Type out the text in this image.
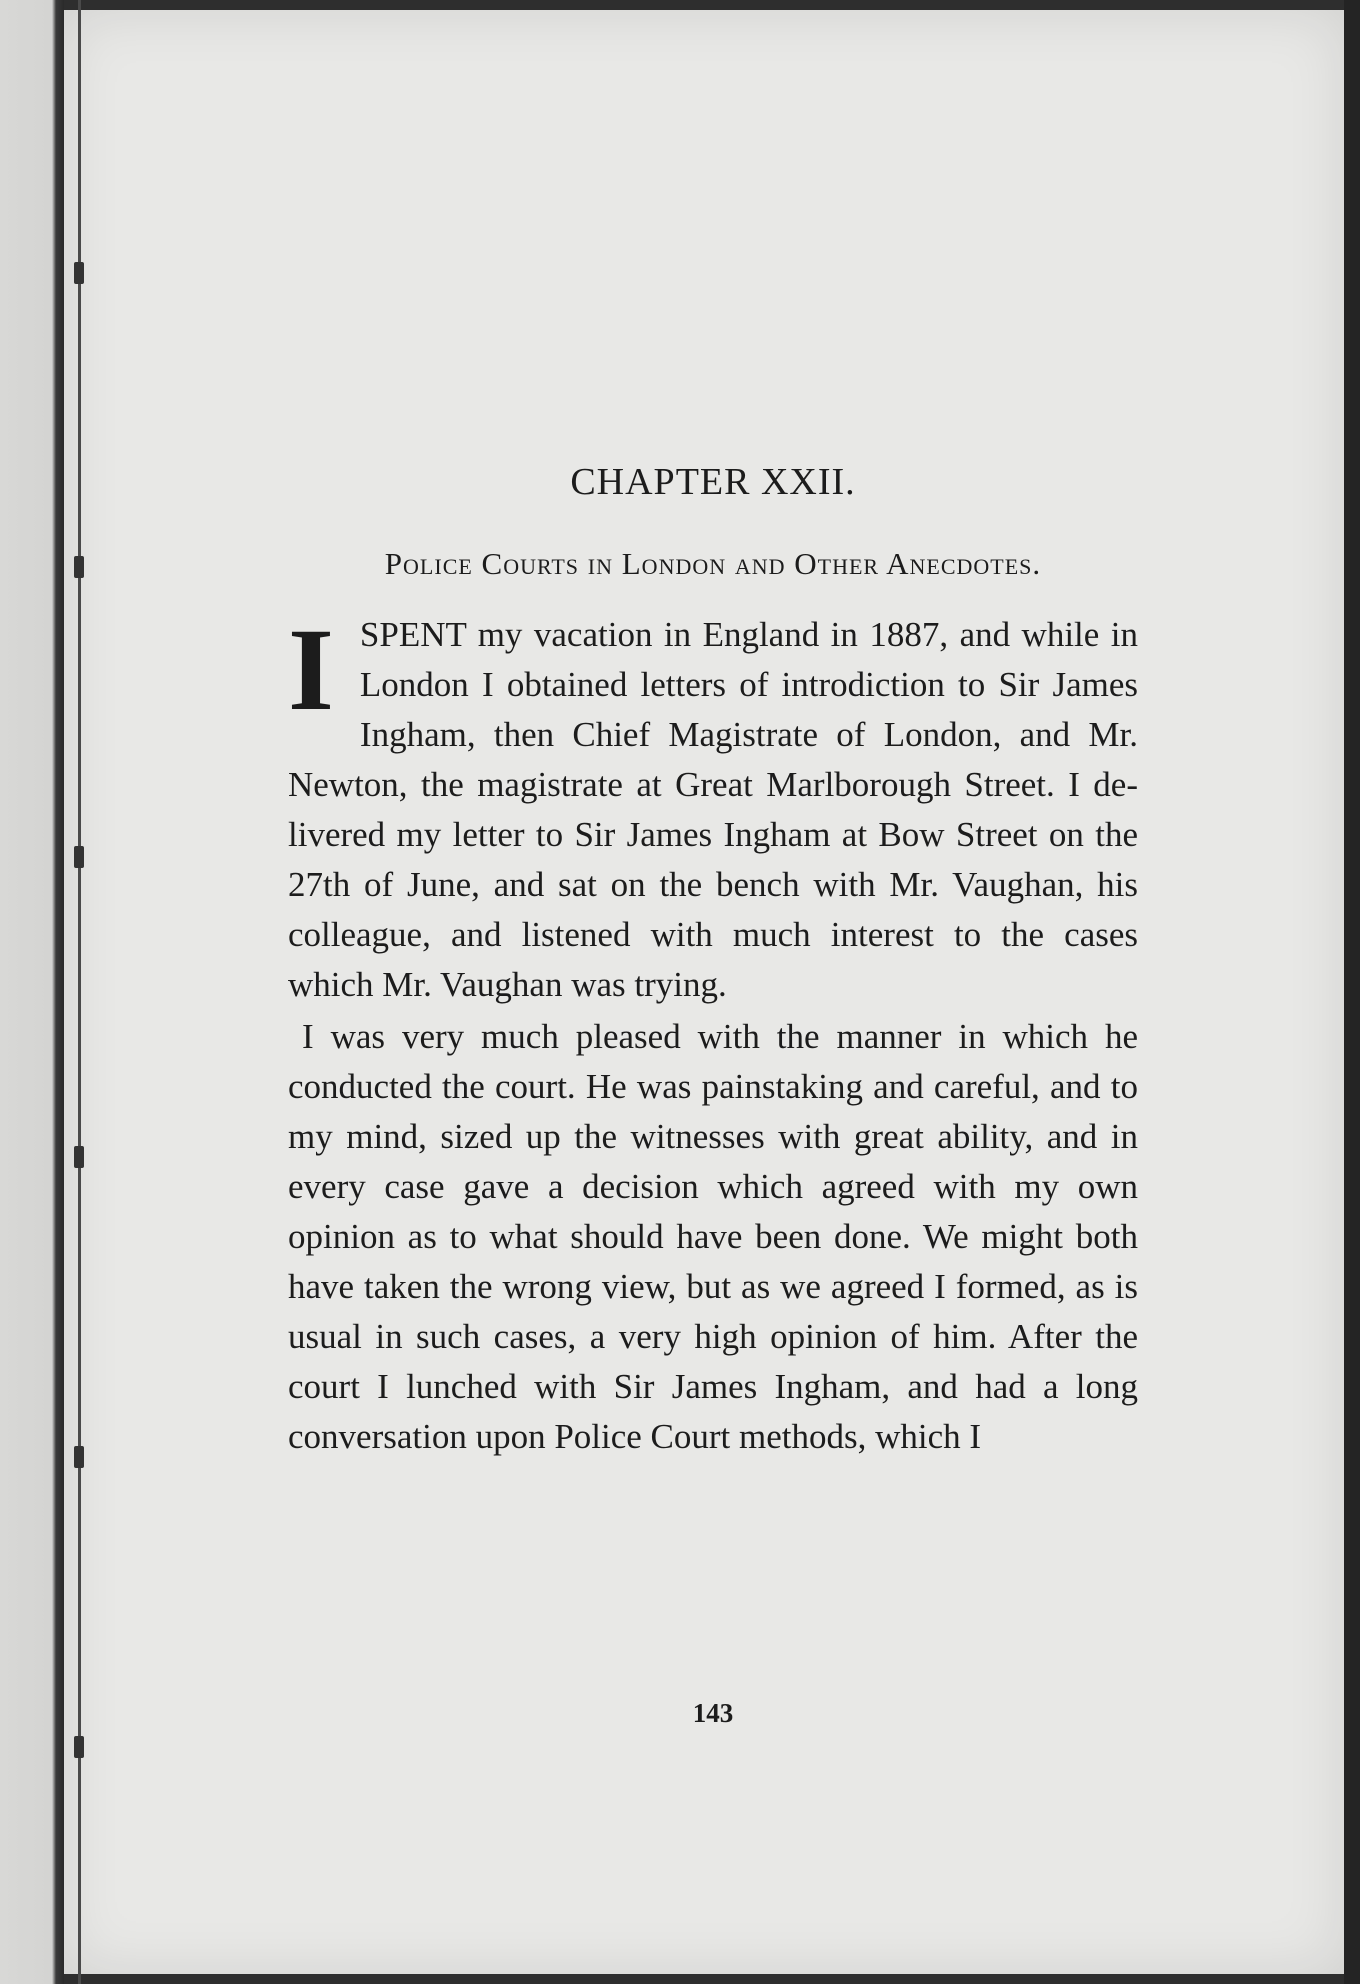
CHAPTER XXII.
Police Courts in London and Other Anecdotes.

I SPENT my vacation in England in 1887, and while in London I obtained letters of introdiction to Sir James Ingham, then Chief Magistrate of London, and Mr. Newton, the magistrate at Great Marlborough Street. I delivered my letter to Sir James Ingham at Bow Street on the 27th of June, and sat on the bench with Mr. Vaughan, his colleague, and listened with much interest to the cases which Mr. Vaughan was trying.

I was very much pleased with the manner in which he conducted the court. He was painstaking and careful, and to my mind, sized up the witnesses with great ability, and in every case gave a decision which agreed with my own opinion as to what should have been done. We might both have taken the wrong view, but as we agreed I formed, as is usual in such cases, a very high opinion of him. After the court I lunched with Sir James Ingham, and had a long conversation upon Police Court methods, which I

143
